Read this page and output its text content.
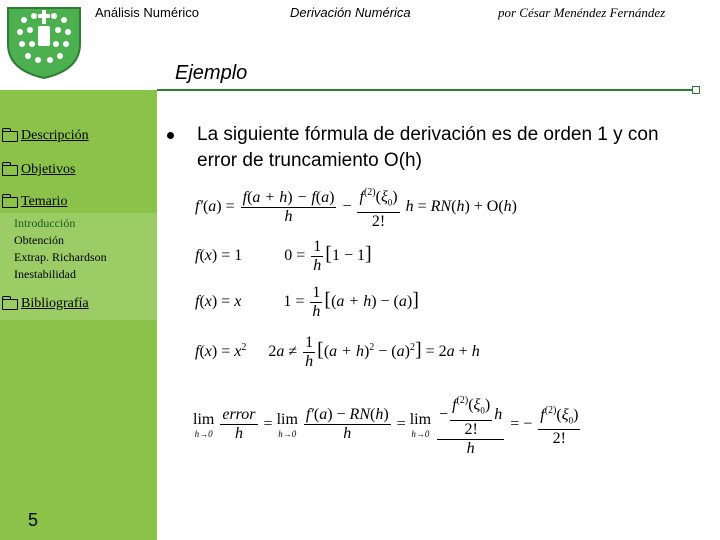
Análisis Numérico	Derivación Numérica	por César Menéndez Fernández
Ejemplo
Descripción
Objetivos
Temario
Introducción
Obtención
Extrap. Richardson
Inestabilidad
Bibliografía
5
La siguiente fórmula de derivación es de orden 1 y con error de truncamiento O(h)
$f'(a) = \frac{f(a + h) - f(a)}{h} - \frac{f^{(2)}(\xi_0)}{2!}$ h = RN(h) + O(h)
f(x) = 1	$0 = \frac{1}{h} [1 - 1]$
f(x) = x  $1 = \frac{1}{h} [(a + h) - (a)]$
$f(x) = x^2$ $2a \ne \frac{1}{h} [(a + h)^2 - (a)^2] = 2a + h$
lim
h→0
$\frac{\text{error}}{h} = \lim$
h→0
$\frac{f'(a) - RN(h)}{h} = \lim$
h→0
$\frac{- \frac{f^{(2)}(\xi_0)}{2!} h}{h}$ = − $\frac{f^{(2)}(\xi_0)}{2!}$
